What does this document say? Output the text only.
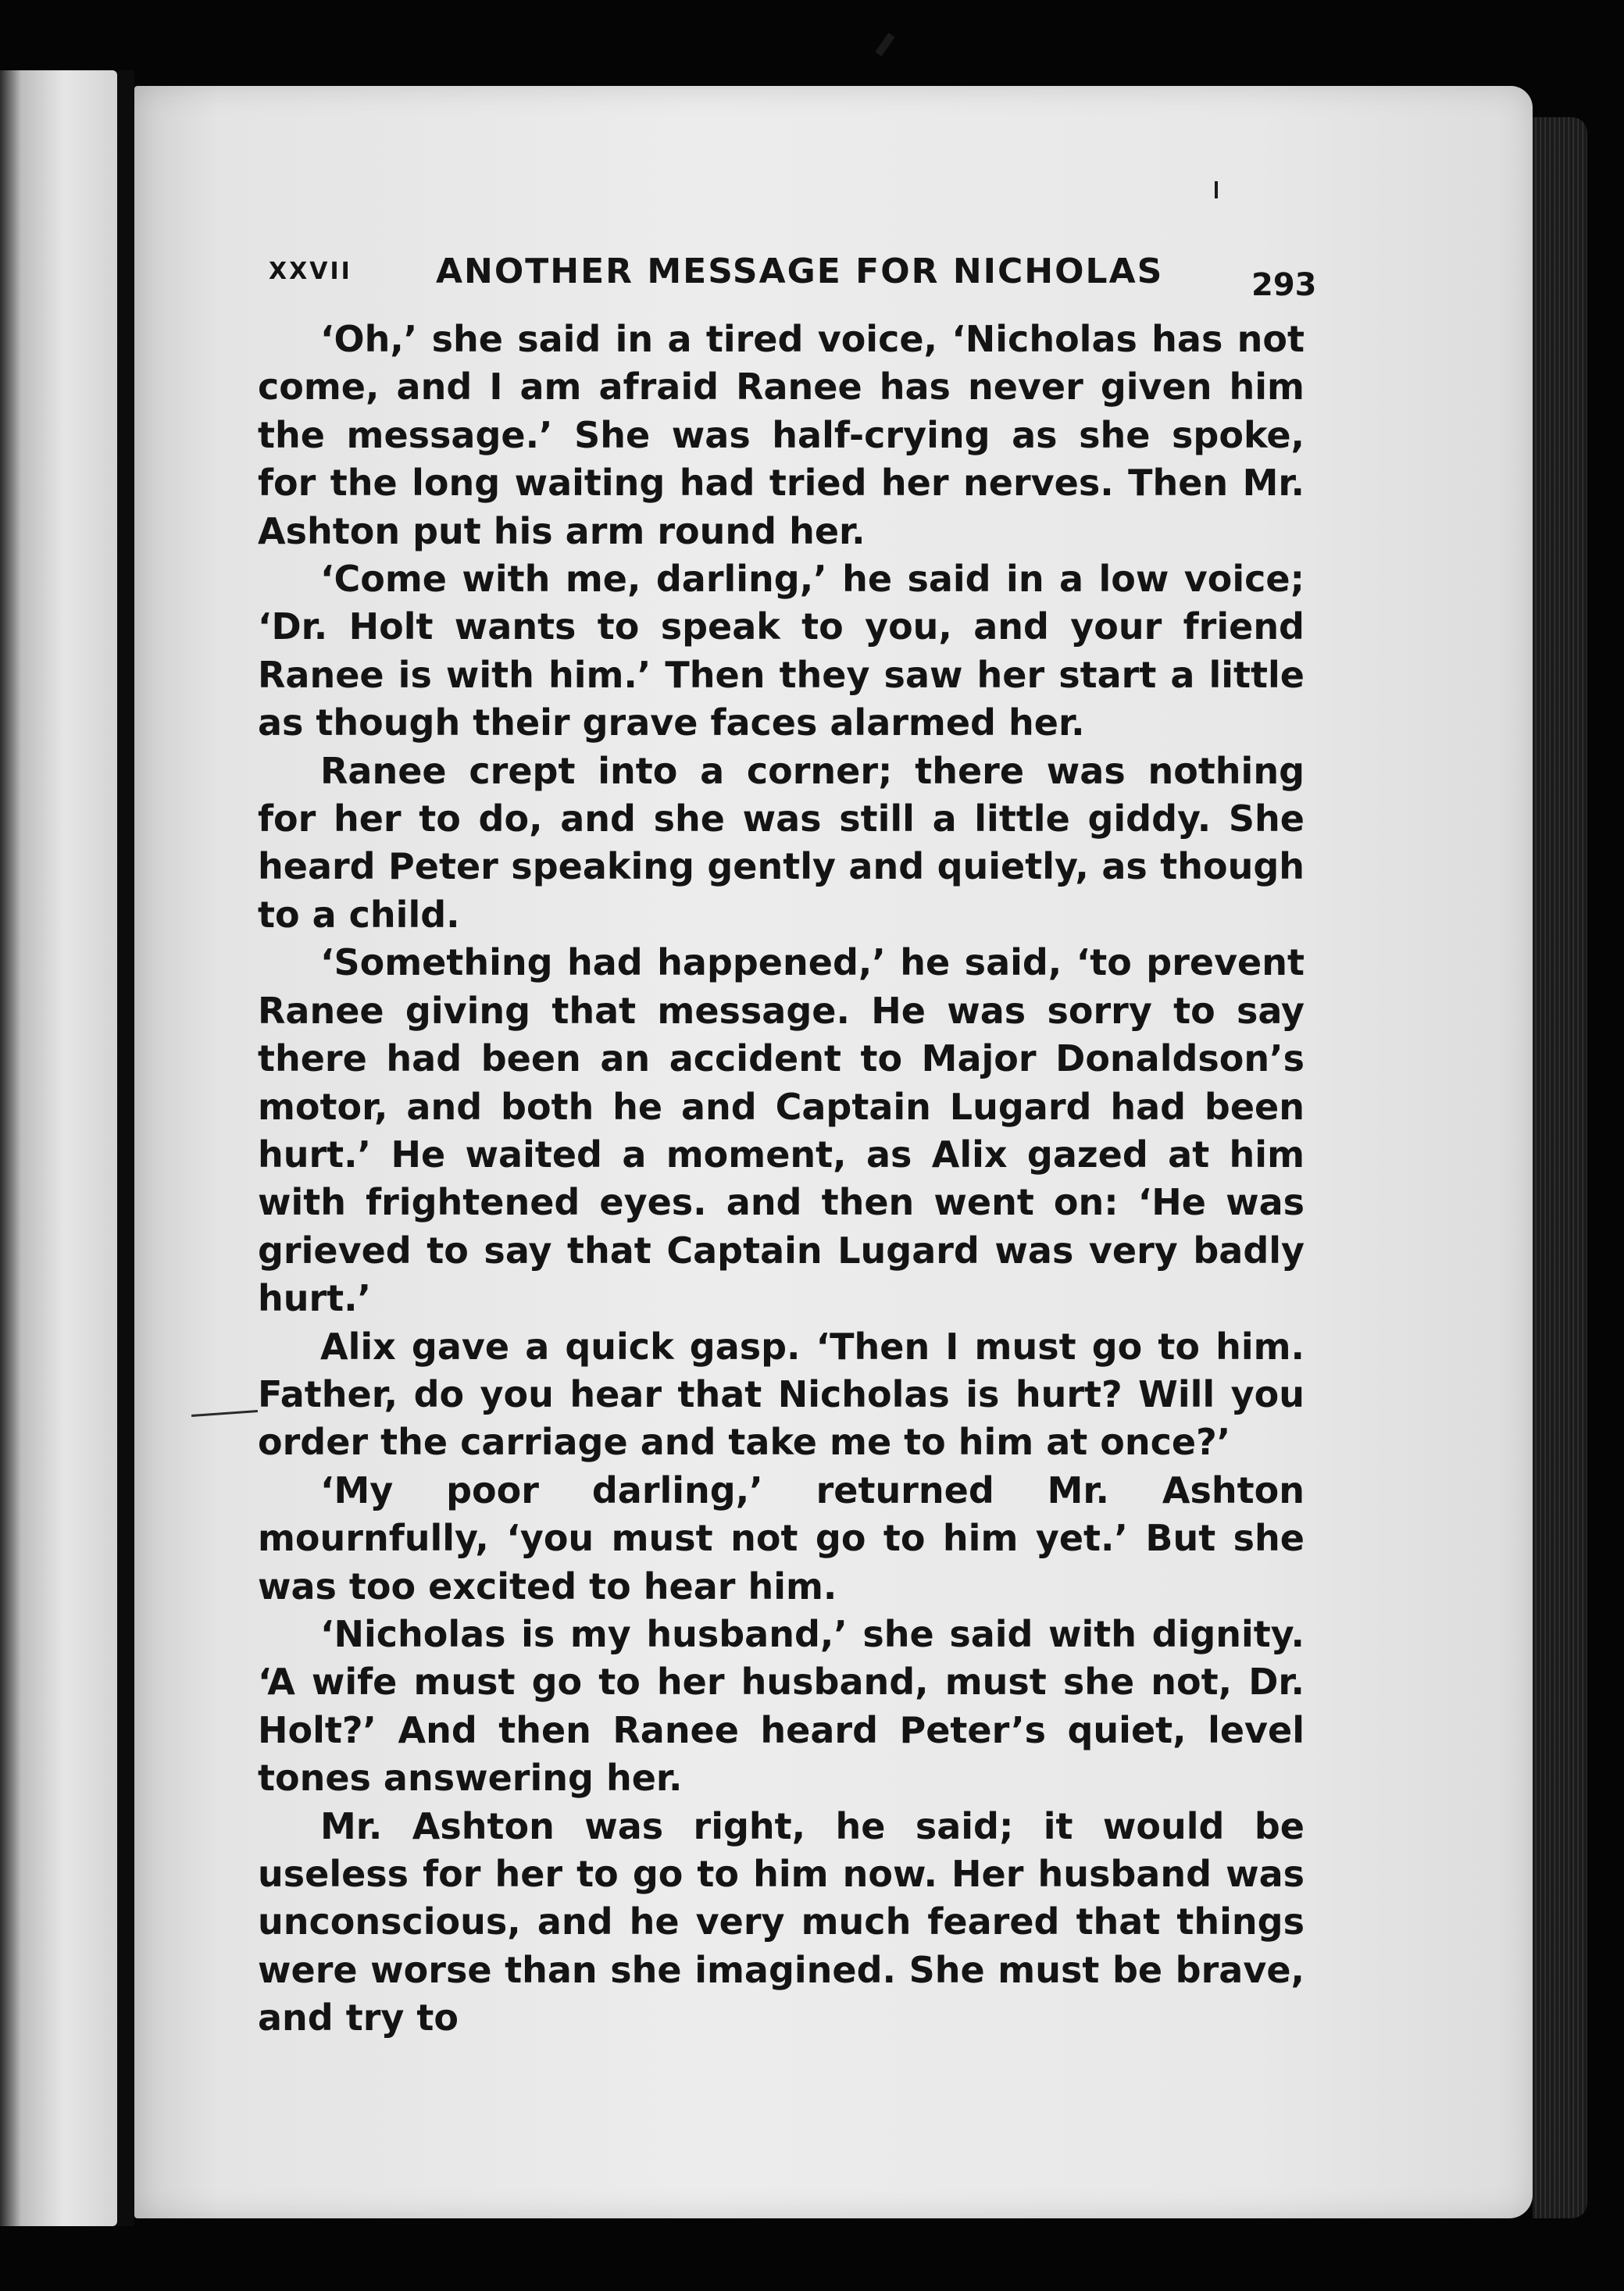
XXVII ANOTHER MESSAGE FOR NICHOLAS	293

‘Oh,’ she said in a tired voice, ‘Nicholas has not come, and I am afraid Ranee has never given him the message.’ She was half-crying as she spoke, for the long waiting had tried her nerves. Then Mr. Ashton put his arm round her.

‘Come with me, darling,’ he said in a low voice; ‘Dr. Holt wants to speak to you, and your friend Ranee is with him.’ Then they saw her start a little as though their grave faces alarmed her.

Ranee crept into a corner; there was nothing for her to do, and she was still a little giddy. She heard Peter speaking gently and quietly, as though to a child.

‘Something had happened,’ he said, ‘to prevent Ranee giving that message. He was sorry to say there had been an accident to Major Donaldson’s motor, and both he and Captain Lugard had been hurt.’ He waited a moment, as Alix gazed at him with frightened eyes. and then went on: ‘He was grieved to say that Captain Lugard was very badly hurt.’

Alix gave a quick gasp. ‘Then I must go to him. Father, do you hear that Nicholas is hurt? Will you order the carriage and take me to him at once?’

‘My poor darling,’ returned Mr. Ashton mournfully, ‘you must not go to him yet.’ But she was too excited to hear him.

‘Nicholas is my husband,’ she said with dignity. ‘A wife must go to her husband, must she not, Dr. Holt?’ And then Ranee heard Peter’s quiet, level tones answering her.

Mr. Ashton was right, he said; it would be useless for her to go to him now. Her husband was unconscious, and he very much feared that things were worse than she imagined. She must be brave, and try to
